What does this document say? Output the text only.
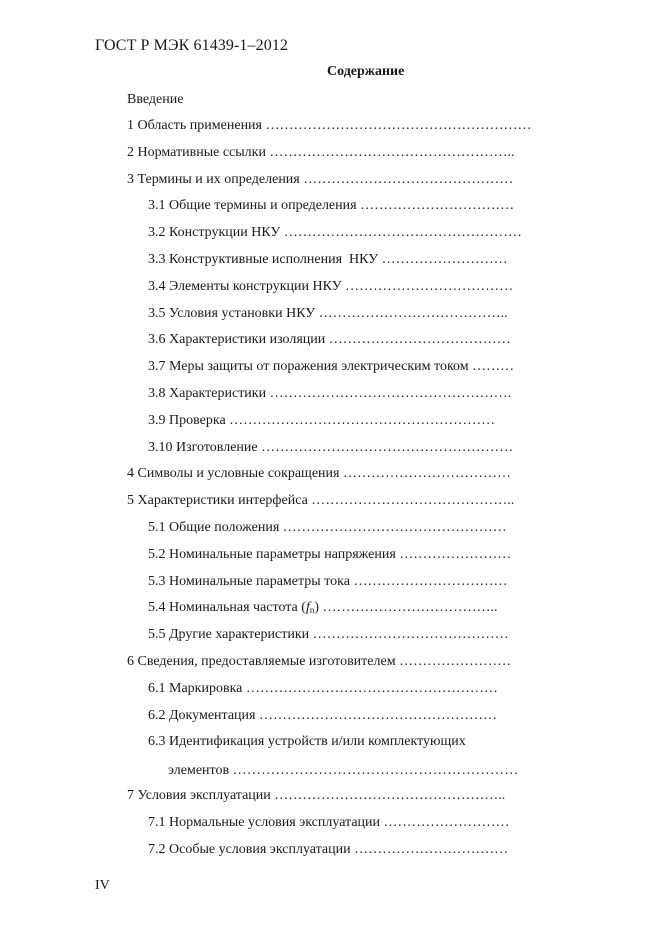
ГОСТ Р МЭК 61439-1–2012
Содержание
Введение
1 Область применения …………………………………………………
2 Нормативные ссылки ……………………………………………..
3 Термины и их определения ………………………………………
3.1 Общие термины и определения ……………………………
3.2 Конструкции НКУ ……………………………………………
3.3 Конструктивные исполнения  НКУ ………………………
3.4 Элементы конструкции НКУ ………………………………
3.5 Условия установки НКУ …………………………………..
3.6 Характеристики изоляции …………………………………
3.7 Меры защиты от поражения электрическим током ………
3.8 Характеристики …………………………………………….
3.9 Проверка …………………………………………………
3.10 Изготовление ………………………………………………
4 Символы и условные сокращения ………………………………
5 Характеристики интерфейса ……………………………………..
5.1 Общие положения …………………………………………
5.2 Номинальные параметры напряжения ……………………
5.3 Номинальные параметры тока ……………………………
5.4 Номинальная частота $(f_n)$ ………………………………..
5.5 Другие характеристики ……………………………………
6 Сведения, предоставляемые изготовителем ……………………
6.1 Маркировка ………………………………………………
6.2 Документация ……………………………………………
6.3 Идентификация устройств и/или комплектующих
7 Условия эксплуатации …………………………………………..
7.1 Нормальные условия эксплуатации ………………………
7.2 Особые условия эксплуатации ……………………………
элементов ……………………………………………………
IV
